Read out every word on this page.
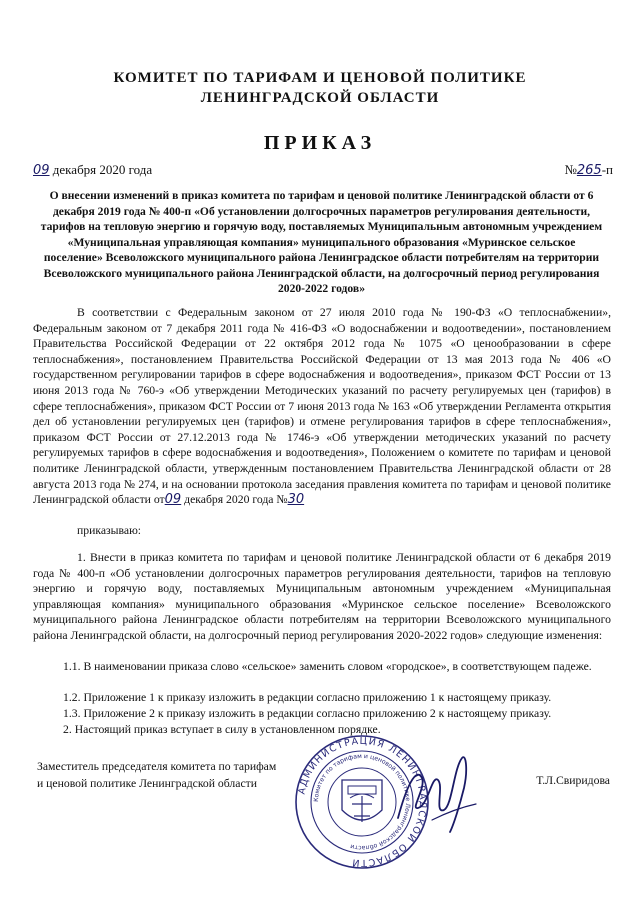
КОМИТЕТ ПО ТАРИФАМ И ЦЕНОВОЙ ПОЛИТИКЕ
ЛЕНИНГРАДСКОЙ ОБЛАСТИ
ПРИКАЗ
09 декабря 2020 года	№265-п
О внесении изменений в приказ комитета по тарифам и ценовой политике Ленинградской области от 6 декабря 2019 года № 400-п «Об установлении долгосрочных параметров регулирования деятельности, тарифов на тепловую энергию и горячую воду, поставляемых Муниципальным автономным учреждением «Муниципальная управляющая компания» муниципального образования «Муринское сельское поселение» Всеволожского муниципального района Ленинградское области потребителям на территории Всеволожского муниципального района Ленинградской области, на долгосрочный период регулирования 2020-2022 годов»
В соответствии с Федеральным законом от 27 июля 2010 года № 190-ФЗ «О теплоснабжении», Федеральным законом от 7 декабря 2011 года № 416-ФЗ «О водоснабжении и водоотведении», постановлением Правительства Российской Федерации от 22 октября 2012 года № 1075 «О ценообразовании в сфере теплоснабжения», постановлением Правительства Российской Федерации от 13 мая 2013 года № 406 «О государственном регулировании тарифов в сфере водоснабжения и водоотведения», приказом ФСТ России от 13 июня 2013 года № 760-э «Об утверждении Методических указаний по расчету регулируемых цен (тарифов) в сфере теплоснабжения», приказом ФСТ России от 7 июня 2013 года № 163 «Об утверждении Регламента открытия дел об установлении регулируемых цен (тарифов) и отмене регулирования тарифов в сфере теплоснабжения», приказом ФСТ России от 27.12.2013 года № 1746-э «Об утверждении методических указаний по расчету регулируемых тарифов в сфере водоснабжения и водоотведения», Положением о комитете по тарифам и ценовой политике Ленинградской области, утвержденным постановлением Правительства Ленинградской области от 28 августа 2013 года № 274, и на основании протокола заседания правления комитета по тарифам и ценовой политике Ленинградской области от09 декабря 2020 года №30
приказываю:
1. Внести в приказ комитета по тарифам и ценовой политике Ленинградской области от 6 декабря 2019 года № 400-п «Об установлении долгосрочных параметров регулирования деятельности, тарифов на тепловую энергию и горячую воду, поставляемых Муниципальным автономным учреждением «Муниципальная управляющая компания» муниципального образования «Муринское сельское поселение» Всеволожского муниципального района Ленинградское области потребителям на территории Всеволожского муниципального района Ленинградской области, на долгосрочный период регулирования 2020-2022 годов» следующие изменения:
1.1. В наименовании приказа слово «сельское» заменить словом «городское», в соответствующем падеже.
1.2. Приложение 1 к приказу изложить в редакции согласно приложению 1 к настоящему приказу.
1.3. Приложение 2 к приказу изложить в редакции согласно приложению 2 к настоящему приказу.
2. Настоящий приказ вступает в силу в установленном порядке.
АДМИНИСТРАЦИЯ ЛЕНИНГРАДСКОЙ ОБЛАСТИ
Комитет по тарифам и ценовой политике Ленинградской области
Заместитель председателя комитета по тарифам
и ценовой политике Ленинградской области	Т.Л.Свиридова
